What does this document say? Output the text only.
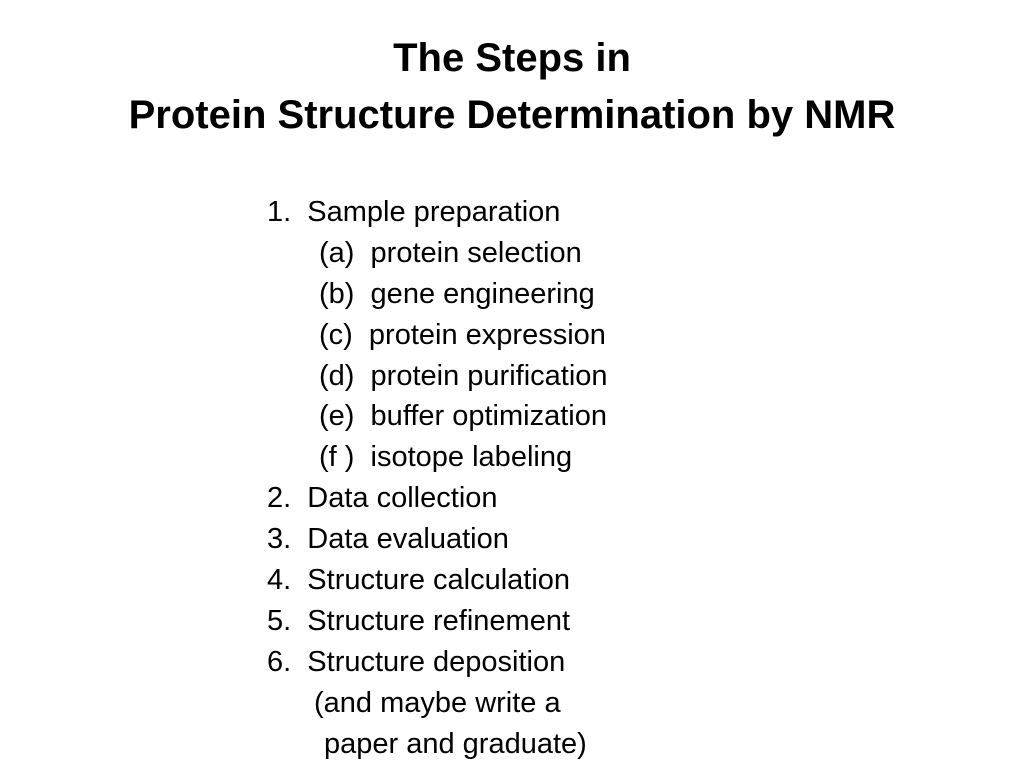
The Steps in
Protein Structure Determination by NMR
1.  Sample preparation
(a)  protein selection
(b)  gene engineering
(c)  protein expression
(d)  protein purification
(e)  buffer optimization
(f )  isotope labeling
2.  Data collection
3.  Data evaluation
4.  Structure calculation
5.  Structure refinement
6.  Structure deposition
(and maybe write a
paper and graduate)
